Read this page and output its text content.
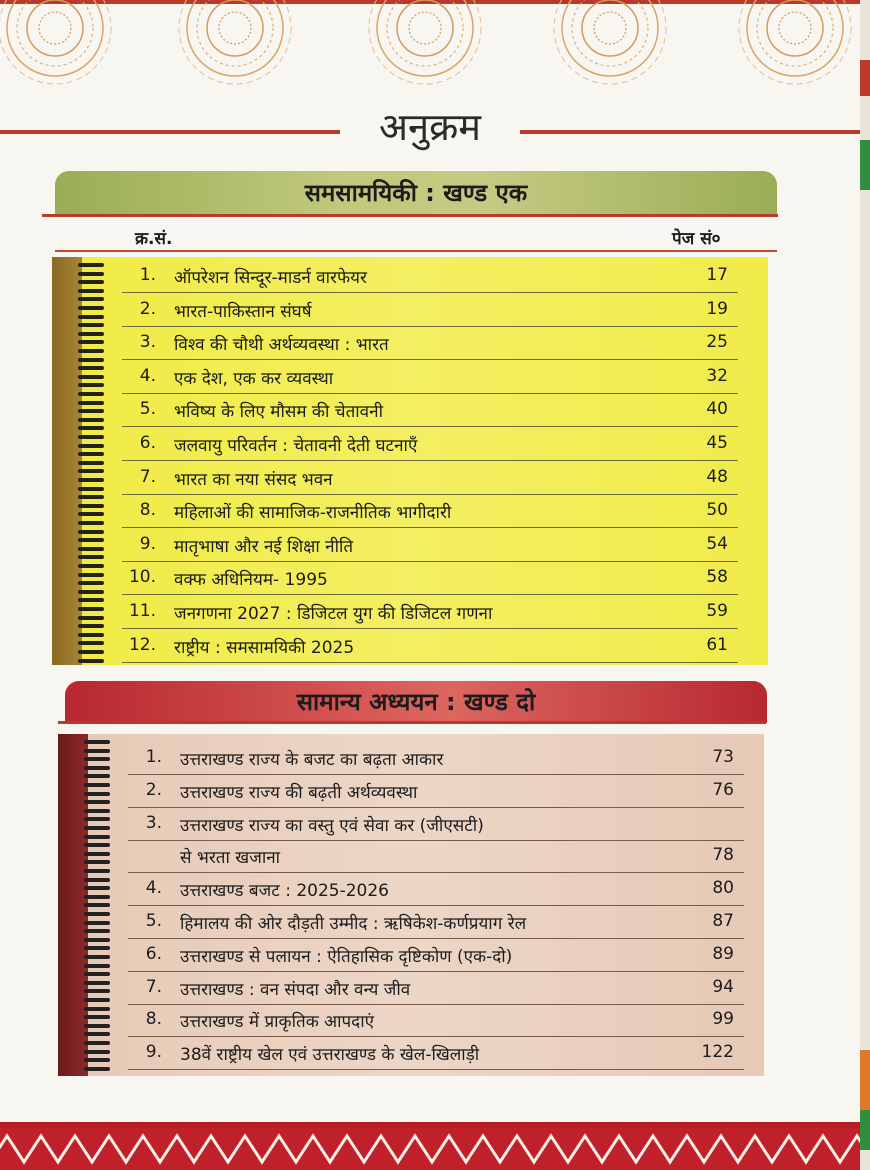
अनुक्रम
समसामयिकी : खण्ड एक
क्र.सं.	पेज सं०
1. ऑपरेशन सिन्दूर-माडर्न वारफेयर	17
2. भारत-पाकिस्तान संघर्ष	19
3. विश्व की चौथी अर्थव्यवस्था : भारत	25
4. एक देश, एक कर व्यवस्था	32
5. भविष्य के लिए मौसम की चेतावनी	40
6. जलवायु परिवर्तन : चेतावनी देती घटनाएँ	45
7. भारत का नया संसद भवन	48
8. महिलाओं की सामाजिक-राजनीतिक भागीदारी	50
9. मातृभाषा और नई शिक्षा नीति	54
10. वक्फ अधिनियम- 1995	58
11. जनगणना 2027 : डिजिटल युग की डिजिटल गणना	59
12. राष्ट्रीय : समसामयिकी 2025	61
सामान्य अध्ययन : खण्ड दो
1. उत्तराखण्ड राज्य के बजट का बढ़ता आकार	73
2. उत्तराखण्ड राज्य की बढ़ती अर्थव्यवस्था	76
3. उत्तराखण्ड राज्य का वस्तु एवं सेवा कर (जीएसटी)
से भरता खजाना	78
4. उत्तराखण्ड बजट : 2025-2026	80
5. हिमालय की ओर दौड़ती उम्मीद : ऋषिकेश-कर्णप्रयाग रेल	87
6. उत्तराखण्ड से पलायन : ऐतिहासिक दृष्टिकोण (एक-दो)	89
7. उत्तराखण्ड : वन संपदा और वन्य जीव	94
8. उत्तराखण्ड में प्राकृतिक आपदाएं	99
9. 38वें राष्ट्रीय खेल एवं उत्तराखण्ड के खेल-खिलाड़ी	122
